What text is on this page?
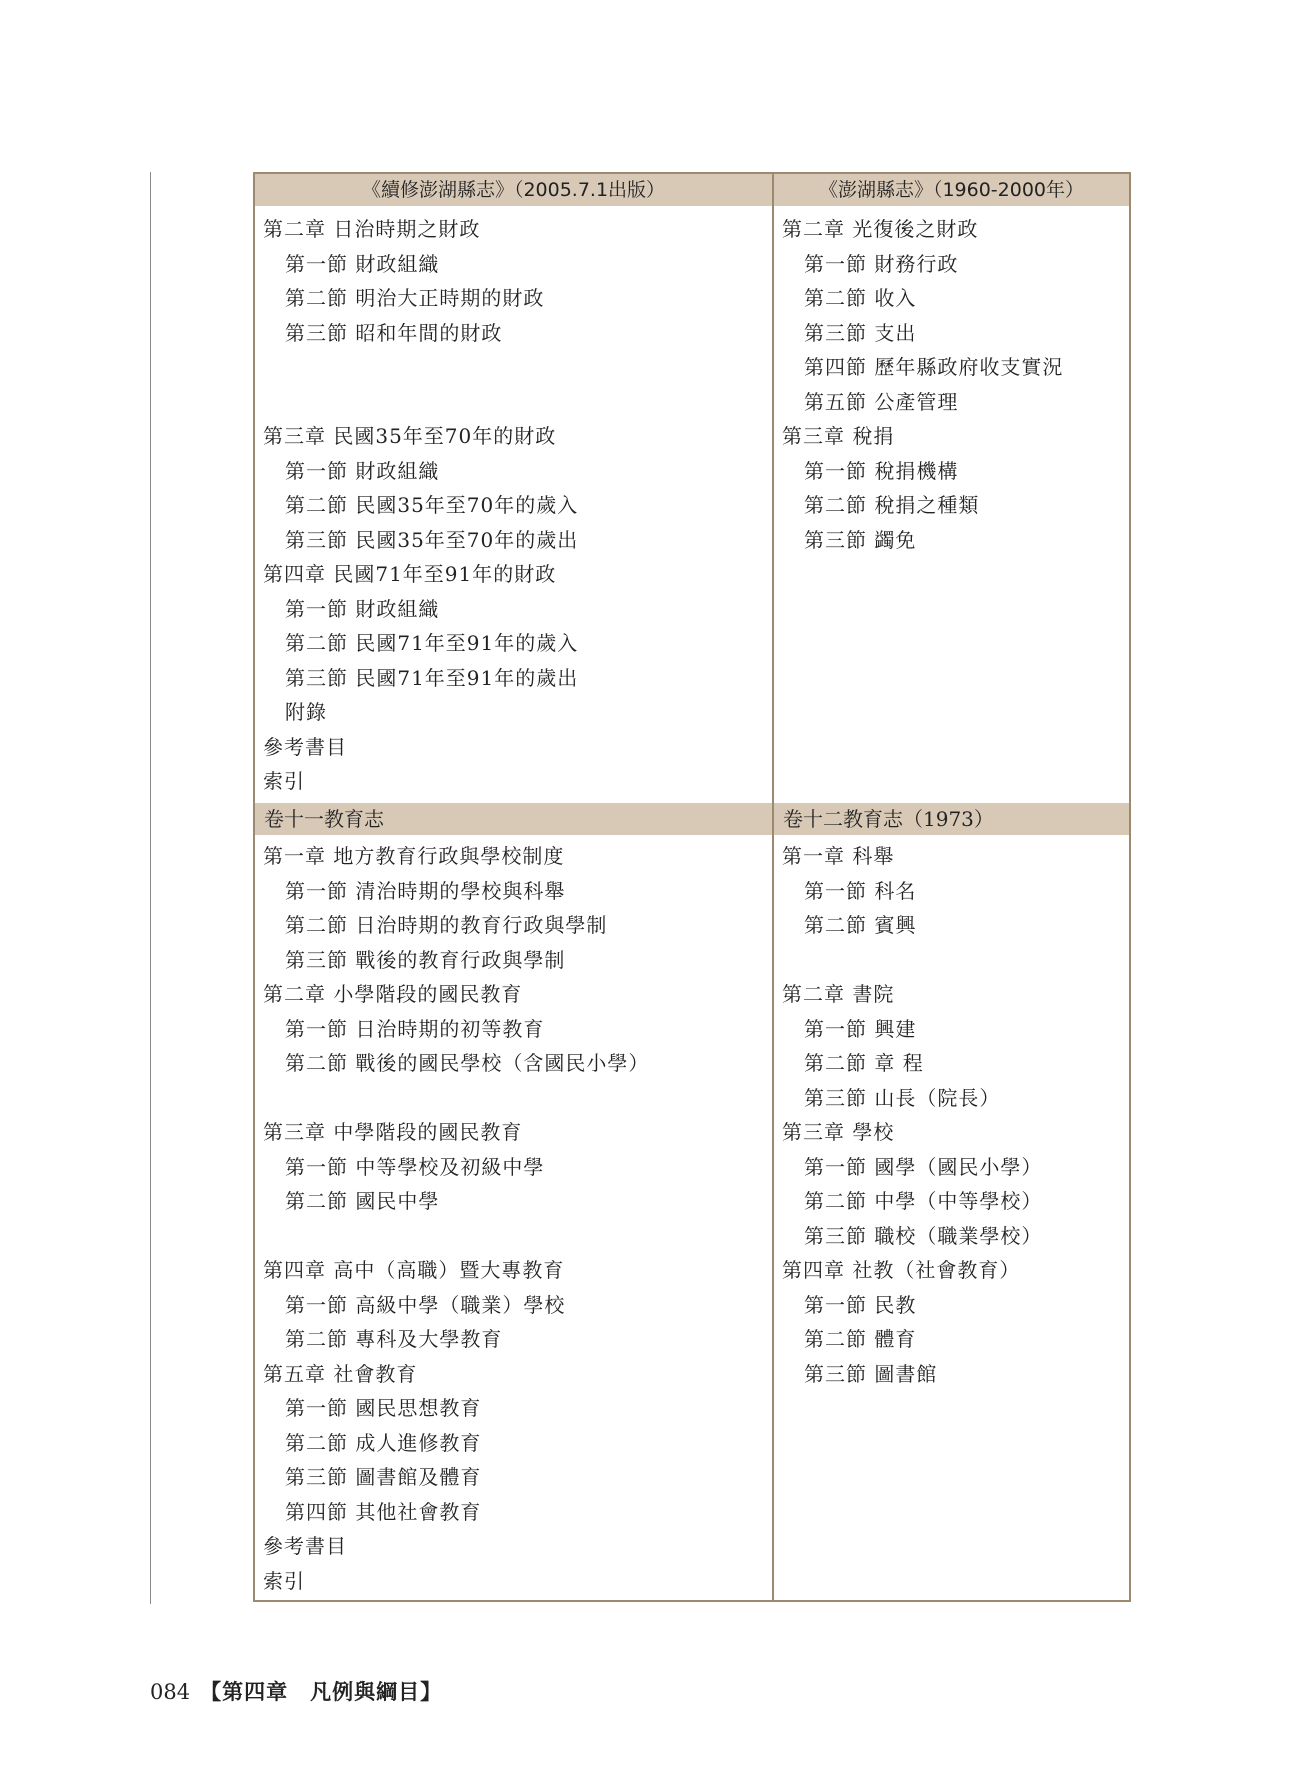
《續修澎湖縣志》（2005.7.1出版）	《澎湖縣志》（1960-2000年）
第二章 日治時期之財政
第一節 財政組織
第二節 明治大正時期的財政
第三節 昭和年間的財政
第三章 民國35年至70年的財政
第一節 財政組織
第二節 民國35年至70年的歲入
第三節 民國35年至70年的歲出
第四章 民國71年至91年的財政
第一節 財政組織
第二節 民國71年至91年的歲入
第三節 民國71年至91年的歲出
附錄
參考書目
索引
第二章 光復後之財政
第一節 財務行政
第二節 收入
第三節 支出
第四節 歷年縣政府收支實況
第五節 公產管理
第三章 稅捐
第一節 稅捐機構
第二節 稅捐之種類
第三節 蠲免
卷十一教育志	卷十二教育志（1973）
第一章 地方教育行政與學校制度
第一節 清治時期的學校與科舉
第二節 日治時期的教育行政與學制
第三節 戰後的教育行政與學制
第二章 小學階段的國民教育
第一節 日治時期的初等教育
第二節 戰後的國民學校（含國民小學）
第三章 中學階段的國民教育
第一節 中等學校及初級中學
第二節 國民中學
第四章 高中（高職）暨大專教育
第一節 高級中學（職業）學校
第二節 專科及大學教育
第五章 社會教育
第一節 國民思想教育
第二節 成人進修教育
第三節 圖書館及體育
第四節 其他社會教育
參考書目
索引
第一章 科舉
第一節 科名
第二節 賓興
第二章 書院
第一節 興建
第二節 章 程
第三節 山長（院長）
第三章 學校
第一節 國學（國民小學）
第二節 中學（中等學校）
第三節 職校（職業學校）
第四章 社教（社會教育）
第一節 民教
第二節 體育
第三節 圖書館
084 【第四章　凡例與綱目】
